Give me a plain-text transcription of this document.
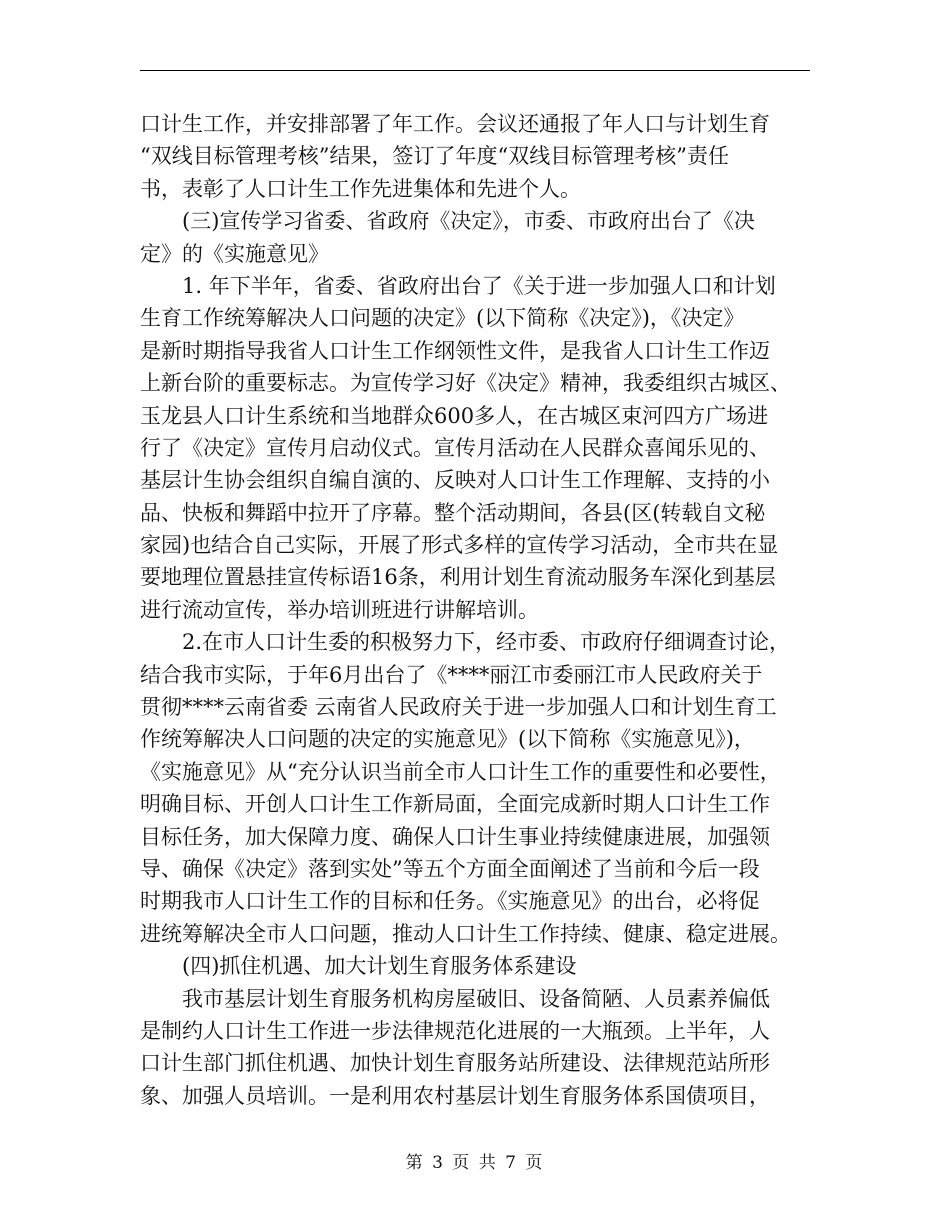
口计生工作，并安排部署了年工作。会议还通报了年人口与计划生育
“双线目标管理考核”结果，签订了年度“双线目标管理考核”责任
书，表彰了人口计生工作先进集体和先进个人。
(三)宣传学习省委、省政府《决定》，市委、市政府出台了《决
定》的《实施意见》
1. 年下半年，省委、省政府出台了《关于进一步加强人口和计划
生育工作统筹解决人口问题的决定》(以下简称《决定》)，《决定》
是新时期指导我省人口计生工作纲领性文件，是我省人口计生工作迈
上新台阶的重要标志。为宣传学习好《决定》精神，我委组织古城区、
玉龙县人口计生系统和当地群众600多人，在古城区束河四方广场进
行了《决定》宣传月启动仪式。宣传月活动在人民群众喜闻乐见的、
基层计生协会组织自编自演的、反映对人口计生工作理解、支持的小
品、快板和舞蹈中拉开了序幕。整个活动期间，各县(区(转载自文秘
家园)也结合自己实际，开展了形式多样的宣传学习活动，全市共在显
要地理位置悬挂宣传标语16条，利用计划生育流动服务车深化到基层
进行流动宣传，举办培训班进行讲解培训。
2.在市人口计生委的积极努力下，经市委、市政府仔细调查讨论，
结合我市实际，于年6月出台了《****丽江市委丽江市人民政府关于
贯彻****云南省委 云南省人民政府关于进一步加强人口和计划生育工
作统筹解决人口问题的决定的实施意见》(以下简称《实施意见》)，
《实施意见》从“充分认识当前全市人口计生工作的重要性和必要性，
明确目标、开创人口计生工作新局面，全面完成新时期人口计生工作
目标任务，加大保障力度、确保人口计生事业持续健康进展，加强领
导、确保《决定》落到实处”等五个方面全面阐述了当前和今后一段
时期我市人口计生工作的目标和任务。《实施意见》的出台，必将促
进统筹解决全市人口问题，推动人口计生工作持续、健康、稳定进展。
(四)抓住机遇、加大计划生育服务体系建设
我市基层计划生育服务机构房屋破旧、设备简陋、人员素养偏低
是制约人口计生工作进一步法律规范化进展的一大瓶颈。上半年，人
口计生部门抓住机遇、加快计划生育服务站所建设、法律规范站所形
象、加强人员培训。一是利用农村基层计划生育服务体系国债项目，
第 3 页 共 7 页
